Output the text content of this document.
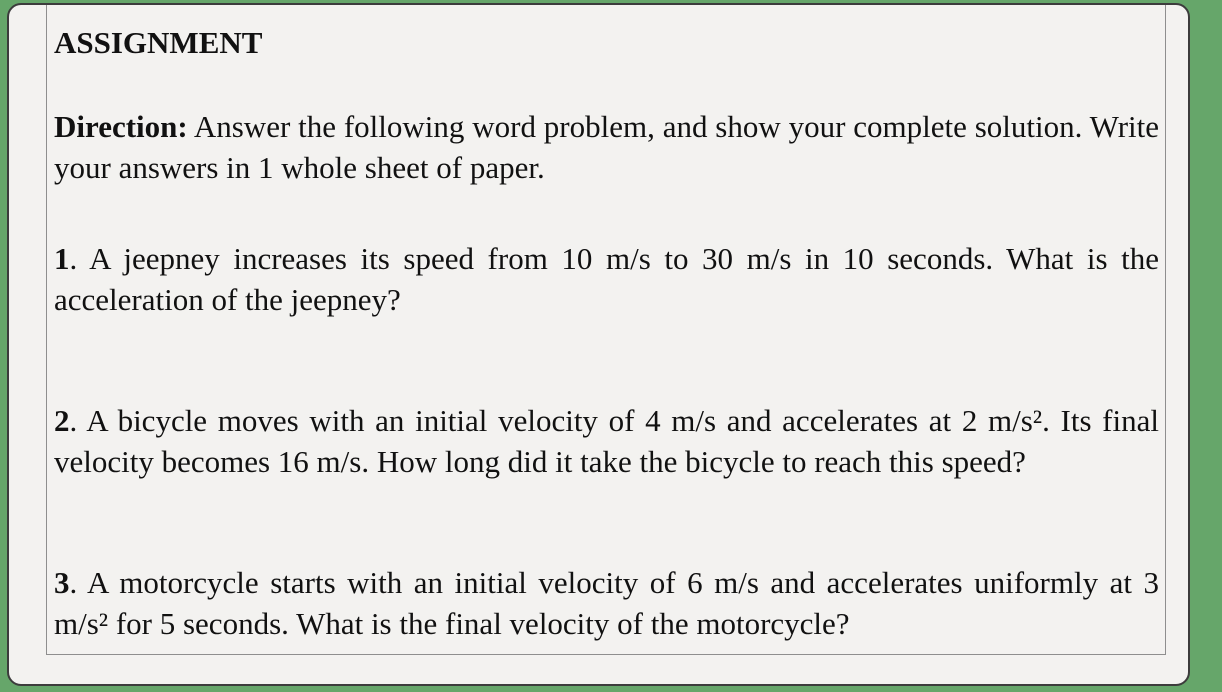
ASSIGNMENT

Direction: Answer the following word problem, and show your complete solution. Write your answers in 1 whole sheet of paper.

1. A jeepney increases its speed from 10 m/s to 30 m/s in 10 seconds. What is the acceleration of the jeepney?

2. A bicycle moves with an initial velocity of 4 m/s and accelerates at 2 m/s². Its final velocity becomes 16 m/s. How long did it take the bicycle to reach this speed?

3. A motorcycle starts with an initial velocity of 6 m/s and accelerates uniformly at 3 m/s² for 5 seconds. What is the final velocity of the motorcycle?
